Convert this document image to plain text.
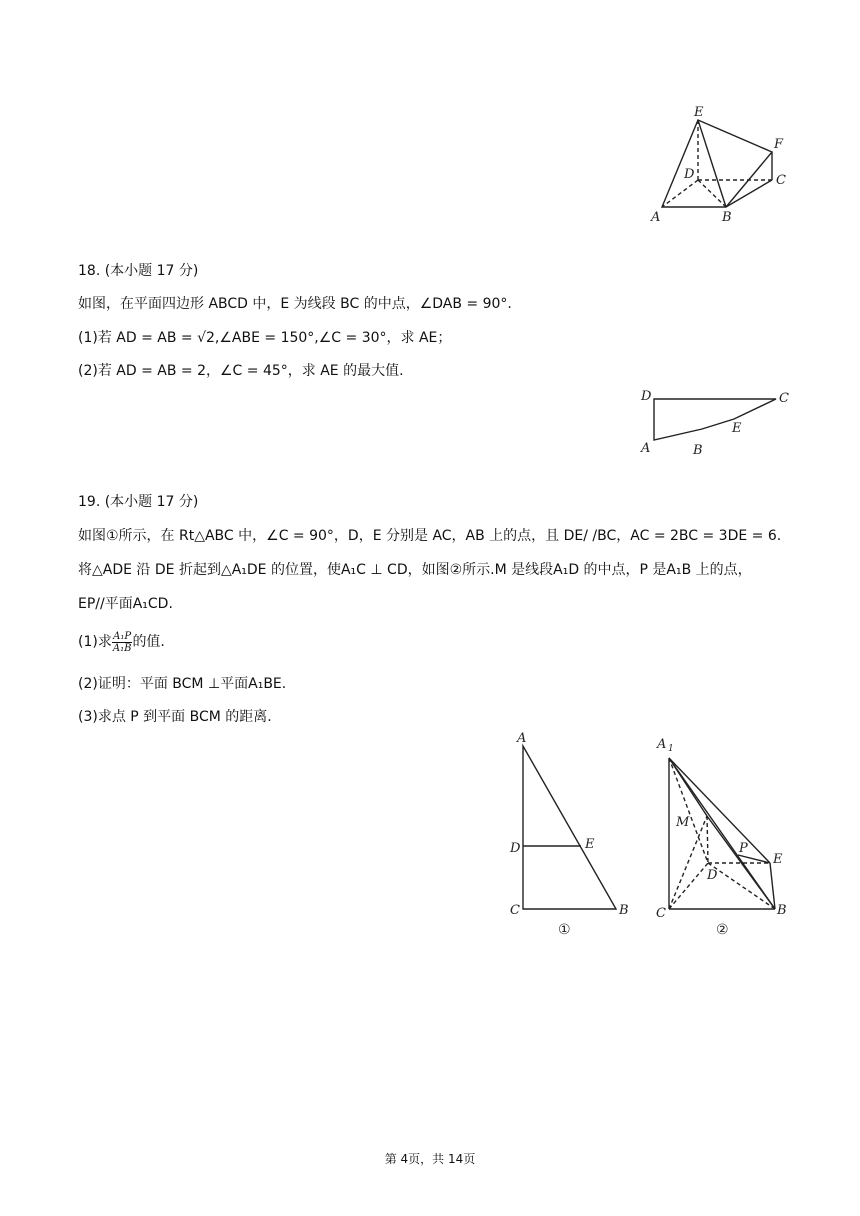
E
F
D	C
A	B
18. (本小题 17 分)
如图，在平面四边形 ABCD 中，E 为线段 BC 的中点，∠DAB = 90°.
(1)若 AD = AB = √2,∠ABE = 150°,∠C = 30°，求 AE；
(2)若 AD = AB = 2，∠C = 45°，求 AE 的最大值.
D	C
E
A	B
19. (本小题 17 分)
如图①所示，在 Rt△ABC 中，∠C = 90°，D，E 分别是 AC，AB 上的点，且 DE/ /BC，AC = 2BC = 3DE = 6.
将△ADE 沿 DE 折起到△A₁DE 的位置，使A₁C ⊥ CD，如图②所示.M 是线段A₁D 的中点，P 是A₁B 上的点，
EP//平面A₁CD.
(1)求 $\frac{\text{A₁P}}{\text{A₁B}}$ 的值.
(2)证明：平面 BCM ⊥平面A₁BE.
(3)求点 P 到平面 BCM 的距离.
A
D	E
C	B
①
A 1
M
P
E
D
C	B
②
第 4页，共 14页
